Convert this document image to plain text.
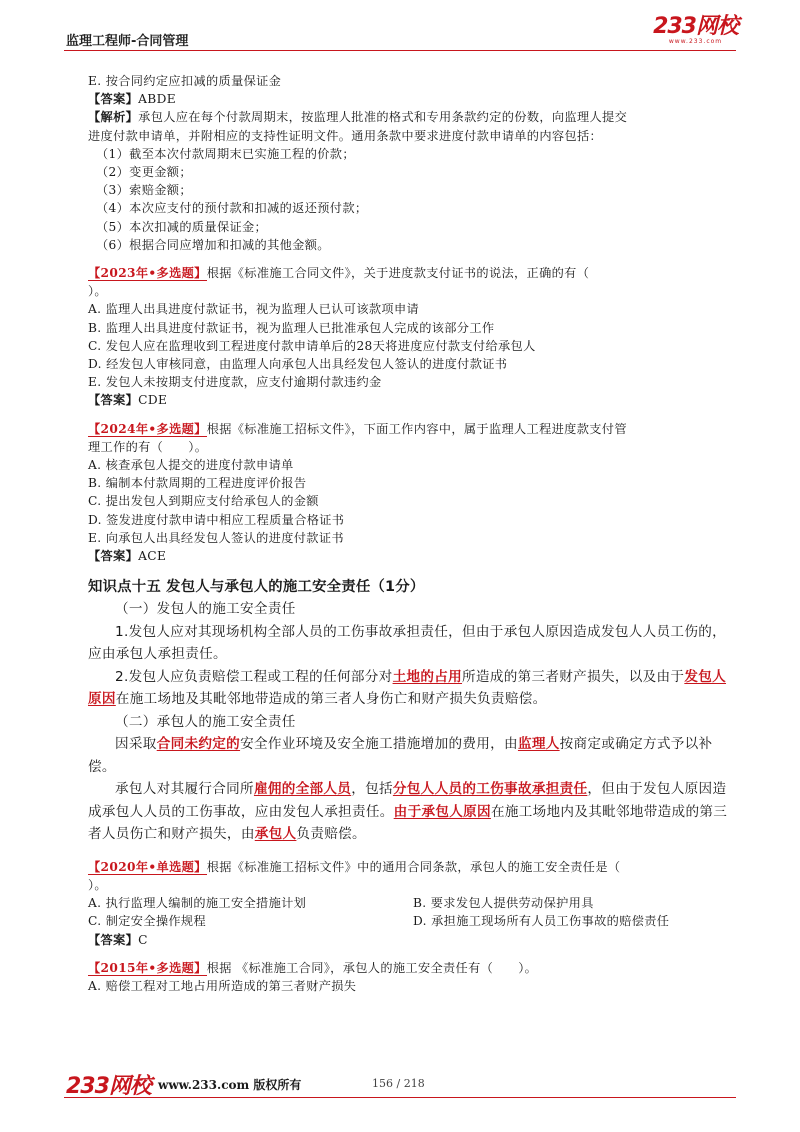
监理工程师-合同管理
233网校
www.233.com
E. 按合同约定应扣减的质量保证金
【答案】ABDE
【解析】承包人应在每个付款周期末，按监理人批准的格式和专用条款约定的份数，向监理人提交
进度付款申请单，并附相应的支持性证明文件。通用条款中要求进度付款申请单的内容包括：
（1）截至本次付款周期末已实施工程的价款；
（2）变更金额；
（3）索赔金额；
（4）本次应支付的预付款和扣减的返还预付款；
（5）本次扣减的质量保证金；
（6）根据合同应增加和扣减的其他金额。
【2023年•多选题】根据《标准施工合同文件》，关于进度款支付证书的说法，正确的有（
）。
A. 监理人出具进度付款证书，视为监理人已认可该款项申请
B. 监理人出具进度付款证书，视为监理人已批准承包人完成的该部分工作
C. 发包人应在监理收到工程进度付款申请单后的28天将进度应付款支付给承包人
D. 经发包人审核同意，由监理人向承包人出具经发包人签认的进度付款证书
E. 发包人未按期支付进度款，应支付逾期付款违约金
【答案】CDE
【2024年•多选题】根据《标准施工招标文件》，下面工作内容中，属于监理人工程进度款支付管
理工作的有（　　）。
A. 核查承包人提交的进度付款申请单
B. 编制本付款周期的工程进度评价报告
C. 提出发包人到期应支付给承包人的金额
D. 签发进度付款申请中相应工程质量合格证书
E. 向承包人出具经发包人签认的进度付款证书
【答案】ACE
知识点十五 发包人与承包人的施工安全责任（1分）
（一）发包人的施工安全责任
1.发包人应对其现场机构全部人员的工伤事故承担责任，但由于承包人原因造成发包人人员工伤的，应由承包人承担责任。
2.发包人应负责赔偿工程或工程的任何部分对土地的占用所造成的第三者财产损失，以及由于发包人原因在施工场地及其毗邻地带造成的第三者人身伤亡和财产损失负责赔偿。
（二）承包人的施工安全责任
因采取合同未约定的安全作业环境及安全施工措施增加的费用，由监理人按商定或确定方式予以补偿。
承包人对其履行合同所雇佣的全部人员，包括分包人人员的工伤事故承担责任，但由于发包人原因造成承包人人员的工伤事故，应由发包人承担责任。由于承包人原因在施工场地内及其毗邻地带造成的第三者人员伤亡和财产损失，由承包人负责赔偿。
【2020年•单选题】根据《标准施工招标文件》中的通用合同条款，承包人的施工安全责任是（
）。
A. 执行监理人编制的施工安全措施计划	B. 要求发包人提供劳动保护用具
C. 制定安全操作规程	D. 承担施工现场所有人员工伤事故的赔偿责任
【答案】C
【2015年•多选题】根据 《标准施工合同》，承包人的施工安全责任有（　　）。
A. 赔偿工程对工地占用所造成的第三者财产损失
233网校 www.233.com 版权所有	156 / 218
